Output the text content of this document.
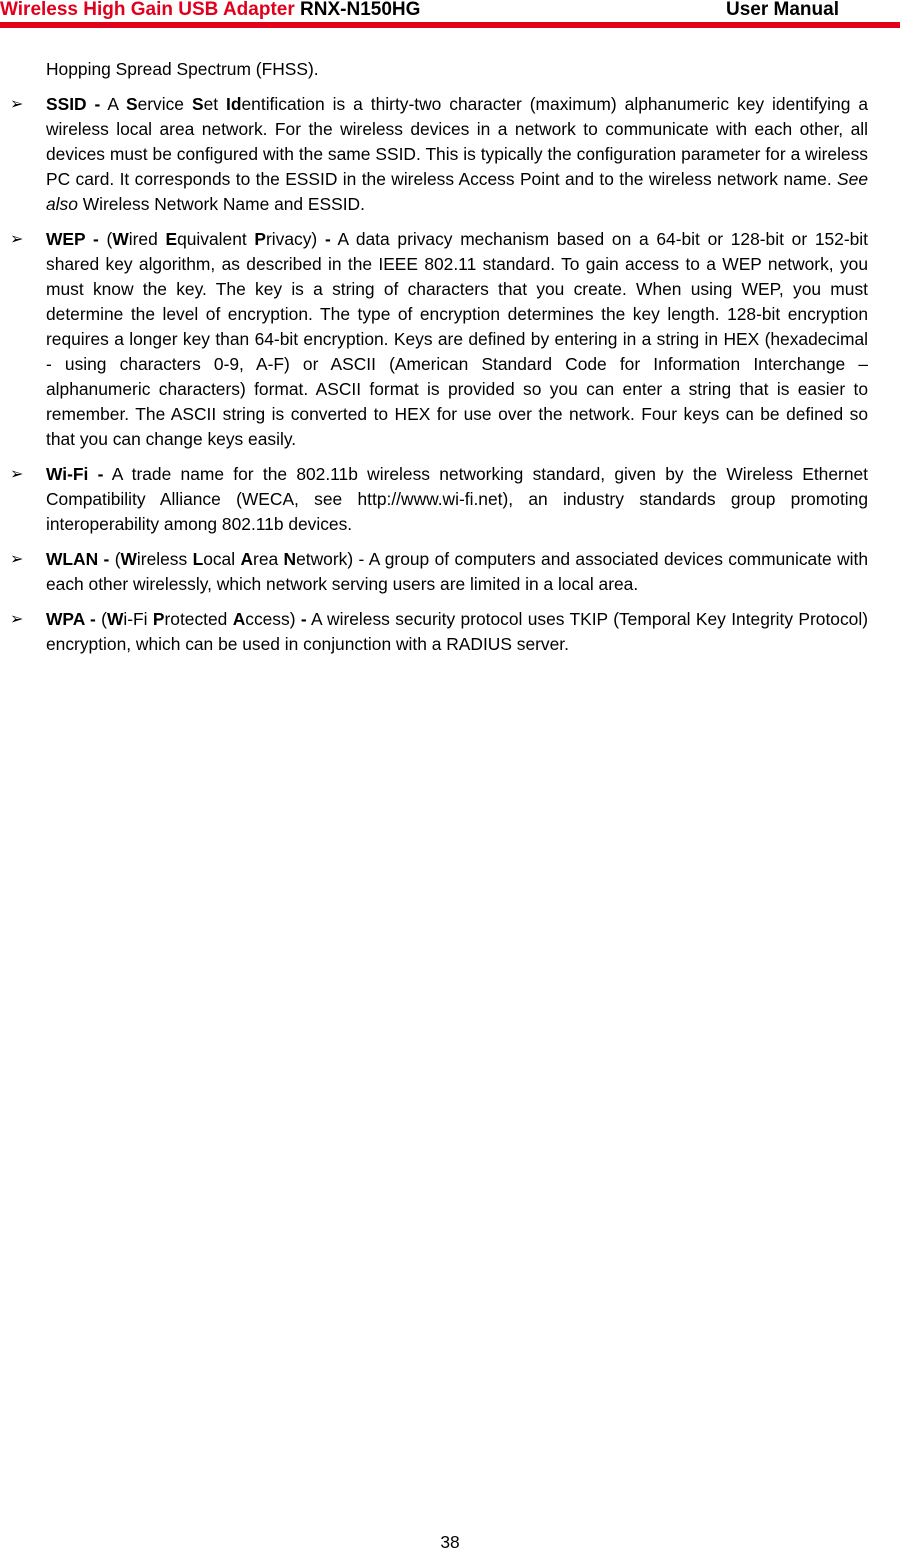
Wireless High Gain USB Adapter RNX-N150HG	User Manual

Hopping Spread Spectrum (FHSS).

➢	SSID - A Service Set Identification is a thirty-two character (maximum) alphanumeric key identifying a wireless local area network. For the wireless devices in a network to communicate with each other, all devices must be configured with the same SSID. This is typically the configuration parameter for a wireless PC card. It corresponds to the ESSID in the wireless Access Point and to the wireless network name. See also Wireless Network Name and ESSID.
➢	WEP - (Wired Equivalent Privacy) - A data privacy mechanism based on a 64-bit or 128-bit or 152-bit shared key algorithm, as described in the IEEE 802.11 standard. To gain access to a WEP network, you must know the key. The key is a string of characters that you create. When using WEP, you must determine the level of encryption. The type of encryption determines the key length. 128-bit encryption requires a longer key than 64-bit encryption. Keys are defined by entering in a string in HEX (hexadecimal - using characters 0-9, A-F) or ASCII (American Standard Code for Information Interchange – alphanumeric characters) format. ASCII format is provided so you can enter a string that is easier to remember. The ASCII string is converted to HEX for use over the network. Four keys can be defined so that you can change keys easily.
➢	Wi-Fi - A trade name for the 802.11b wireless networking standard, given by the Wireless Ethernet Compatibility Alliance (WECA, see http://www.wi-fi.net), an industry standards group promoting interoperability among 802.11b devices.
➢	WLAN - (Wireless Local Area Network) - A group of computers and associated devices communicate with each other wirelessly, which network serving users are limited in a local area.
➢	WPA - (Wi-Fi Protected Access) - A wireless security protocol uses TKIP (Temporal Key Integrity Protocol) encryption, which can be used in conjunction with a RADIUS server.
38
